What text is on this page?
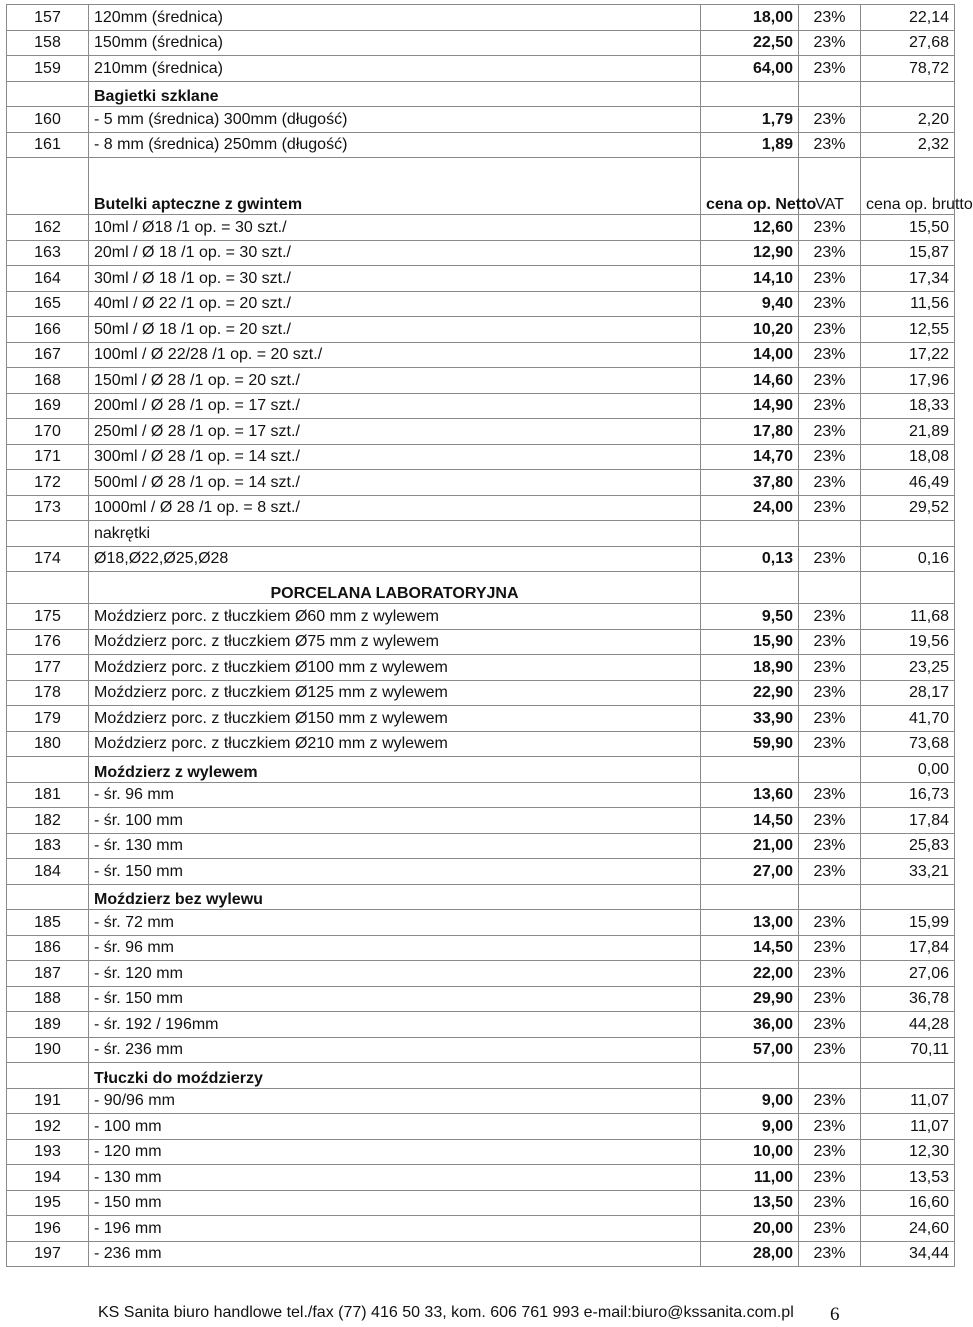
157	120mm (średnica)	18,00	23%	22,14
158	150mm (średnica)	22,50	23%	27,68
159	210mm (średnica)	64,00	23%	78,72
	Bagietki szklane			
160	- 5 mm (średnica) 300mm (długość)	1,79	23%	2,20
161	- 8 mm (średnica) 250mm (długość)	1,89	23%	2,32
	Butelki apteczne z gwintem	cena op. Netto	VAT	cena op. brutto
162	10ml / Ø18 /1 op. = 30 szt./	12,60	23%	15,50
163	20ml / Ø 18 /1 op. = 30 szt./	12,90	23%	15,87
164	30ml / Ø 18 /1 op. = 30 szt./	14,10	23%	17,34
165	40ml / Ø 22 /1 op. = 20 szt./	9,40	23%	11,56
166	50ml / Ø 18 /1 op. = 20 szt./	10,20	23%	12,55
167	100ml / Ø 22/28 /1 op. = 20 szt./	14,00	23%	17,22
168	150ml / Ø 28 /1 op. = 20 szt./	14,60	23%	17,96
169	200ml / Ø 28 /1 op. = 17 szt./	14,90	23%	18,33
170	250ml / Ø 28 /1 op. = 17 szt./	17,80	23%	21,89
171	300ml / Ø 28 /1 op. = 14 szt./	14,70	23%	18,08
172	500ml / Ø 28 /1 op. = 14 szt./	37,80	23%	46,49
173	1000ml / Ø 28 /1 op. = 8 szt./	24,00	23%	29,52
	nakrętki			
174	Ø18,Ø22,Ø25,Ø28	0,13	23%	0,16
	PORCELANA LABORATORYJNA			
175	Moździerz porc. z tłuczkiem Ø60 mm z wylewem	9,50	23%	11,68
176	Moździerz porc. z tłuczkiem Ø75 mm z wylewem	15,90	23%	19,56
177	Moździerz porc. z tłuczkiem Ø100 mm z wylewem	18,90	23%	23,25
178	Moździerz porc. z tłuczkiem Ø125 mm z wylewem	22,90	23%	28,17
179	Moździerz porc. z tłuczkiem Ø150 mm z wylewem	33,90	23%	41,70
180	Moździerz porc. z tłuczkiem Ø210 mm z wylewem	59,90	23%	73,68
	Moździerz z wylewem			0,00
181	- śr. 96 mm	13,60	23%	16,73
182	- śr. 100 mm	14,50	23%	17,84
183	- śr. 130 mm	21,00	23%	25,83
184	- śr. 150 mm	27,00	23%	33,21
	Moździerz bez wylewu			
185	- śr. 72 mm	13,00	23%	15,99
186	- śr. 96 mm	14,50	23%	17,84
187	- śr. 120 mm	22,00	23%	27,06
188	- śr. 150 mm	29,90	23%	36,78
189	- śr. 192 / 196mm	36,00	23%	44,28
190	- śr. 236 mm	57,00	23%	70,11
	Tłuczki do moździerzy			
191	- 90/96 mm	9,00	23%	11,07
192	- 100 mm	9,00	23%	11,07
193	- 120 mm	10,00	23%	12,30
194	- 130 mm	11,00	23%	13,53
195	- 150 mm	13,50	23%	16,60
196	- 196 mm	20,00	23%	24,60
197	- 236 mm	28,00	23%	34,44
KS Sanita biuro handlowe tel./fax (77) 416 50 33, kom. 606 761 993 e-mail:biuro@kssanita.com.pl 6
